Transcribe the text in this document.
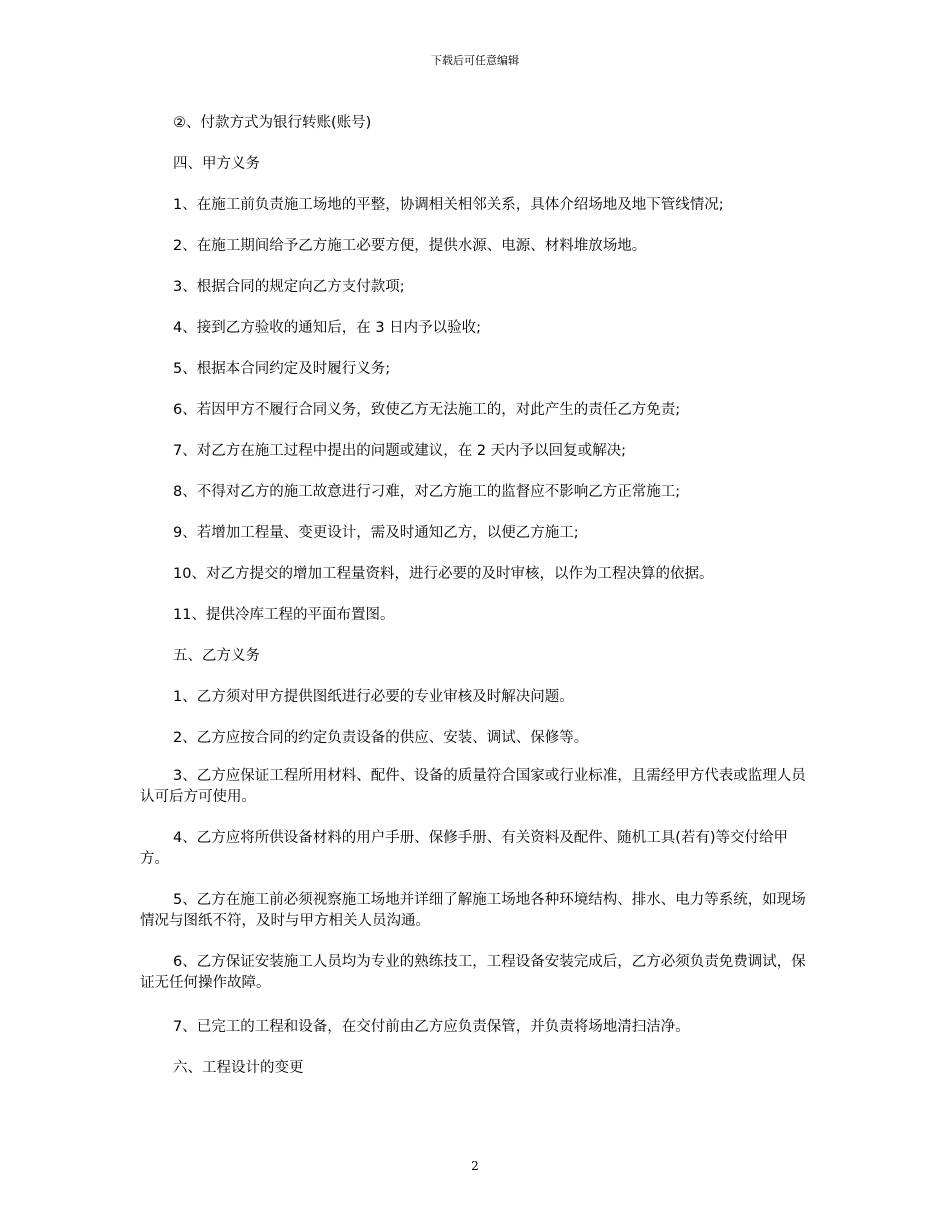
下载后可任意编辑

②、付款方式为银行转账(账号)

四、甲方义务

1、在施工前负责施工场地的平整，协调相关相邻关系，具体介绍场地及地下管线情况;

2、在施工期间给予乙方施工必要方便，提供水源、电源、材料堆放场地。

3、根据合同的规定向乙方支付款项;

4、接到乙方验收的通知后，在 3 日内予以验收;

5、根据本合同约定及时履行义务;

6、若因甲方不履行合同义务，致使乙方无法施工的，对此产生的责任乙方免责;

7、对乙方在施工过程中提出的问题或建议，在 2 天内予以回复或解决;

8、不得对乙方的施工故意进行刁难，对乙方施工的监督应不影响乙方正常施工;

9、若增加工程量、变更设计，需及时通知乙方，以便乙方施工;

10、对乙方提交的增加工程量资料，进行必要的及时审核，以作为工程决算的依据。

11、提供冷库工程的平面布置图。

五、乙方义务

1、乙方须对甲方提供图纸进行必要的专业审核及时解决问题。

2、乙方应按合同的约定负责设备的供应、安装、调试、保修等。

3、乙方应保证工程所用材料、配件、设备的质量符合国家或行业标准，且需经甲方代表或监理人员认可后方可使用。

4、乙方应将所供设备材料的用户手册、保修手册、有关资料及配件、随机工具(若有)等交付给甲方。

5、乙方在施工前必须视察施工场地并详细了解施工场地各种环境结构、排水、电力等系统，如现场情况与图纸不符，及时与甲方相关人员沟通。

6、乙方保证安装施工人员均为专业的熟练技工，工程设备安装完成后，乙方必须负责免费调试，保证无任何操作故障。

7、已完工的工程和设备，在交付前由乙方应负责保管，并负责将场地清扫洁净。

六、工程设计的变更

2
